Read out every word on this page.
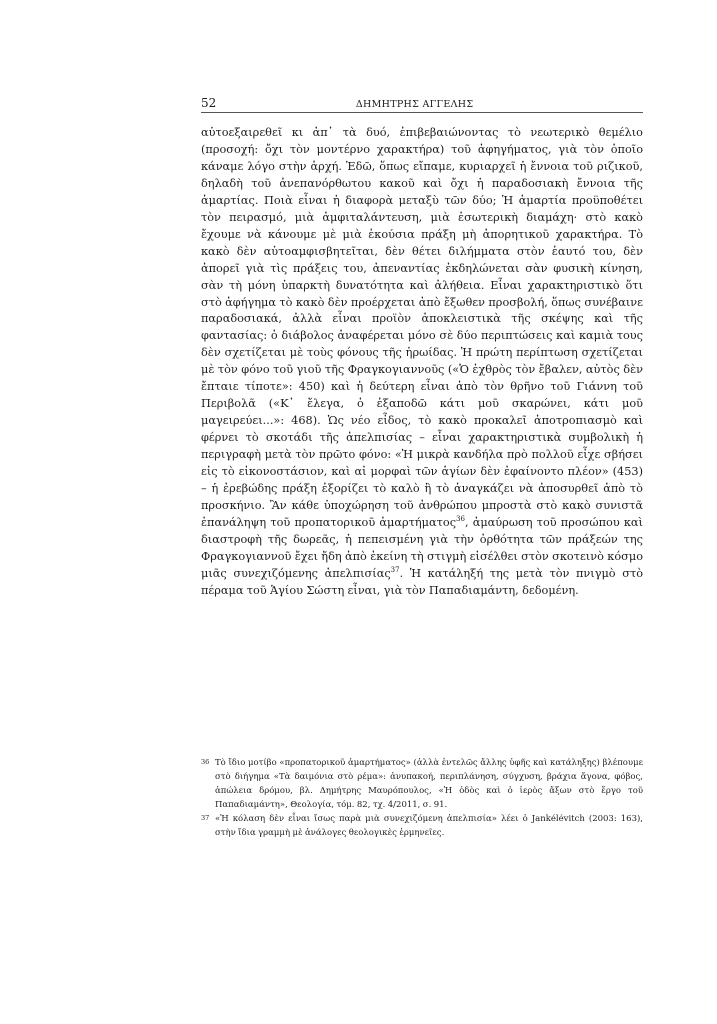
52	ΔΗΜΗΤΡΗΣ ΑΓΓΕΛΗΣ

αὐτοεξαιρεθεῖ κι ἀπ᾽ τὰ δυό, ἐπιβεβαιώνοντας τὸ νεωτερικὸ θεμέλιο (προσοχή: ὄχι τὸν μοντέρνο χαρακτήρα) τοῦ ἀφηγήματος, γιὰ τὸν ὁποῖο κάναμε λόγο στὴν ἀρχή. Ἐδῶ, ὅπως εἴπαμε, κυριαρχεῖ ἡ ἔννοια τοῦ ριζικοῦ, δηλαδὴ τοῦ ἀνεπανόρθωτου κακοῦ καὶ ὄχι ἡ παραδοσιακὴ ἔννοια τῆς ἁμαρτίας. Ποιὰ εἶναι ἡ διαφορὰ μεταξὺ τῶν δύο; Ἡ ἁμαρτία προϋποθέτει τὸν πειρασμό, μιὰ ἀμφιταλάντευση, μιὰ ἐσωτερικὴ διαμάχη· στὸ κακὸ ἔχουμε νὰ κάνουμε μὲ μιὰ ἑκούσια πράξη μὴ ἀπορητικοῦ χαρακτήρα. Τὸ κακὸ δὲν αὐτοαμφισβητεῖται, δὲν θέτει διλήμματα στὸν ἑαυτό του, δὲν ἀπορεῖ γιὰ τὶς πράξεις του, ἀπεναντίας ἐκδηλώνεται σὰν φυσικὴ κίνηση, σὰν τὴ μόνη ὑπαρκτὴ δυνατότητα καὶ ἀλήθεια. Εἶναι χαρακτηριστικὸ ὅτι στὸ ἀφήγημα τὸ κακὸ δὲν προέρχεται ἀπὸ ἔξωθεν προσβολή, ὅπως συνέβαινε παραδοσιακά, ἀλλὰ εἶναι προϊὸν ἀποκλειστικὰ τῆς σκέψης καὶ τῆς φαντασίας: ὁ διάβολος ἀναφέρεται μόνο σὲ δύο περιπτώσεις καὶ καμιὰ τους δὲν σχετίζεται μὲ τοὺς φόνους τῆς ἡρωίδας. Ἡ πρώτη περίπτωση σχετίζεται μὲ τὸν φόνο τοῦ γιοῦ τῆς Φραγκογιαννοῦς («Ὁ ἐχθρὸς τὸν ἔβαλεν, αὐτὸς δὲν ἔπταιε τίποτε»: 450) καὶ ἡ δεύτερη εἶναι ἀπὸ τὸν θρῆνο τοῦ Γιάννη τοῦ Περιβολᾶ («Κ᾽ ἔλεγα, ὁ ἐξαποδῶ κάτι μοῦ σκαρώνει, κάτι μοῦ μαγειρεύει...»: 468). Ὡς νέο εἶδος, τὸ κακὸ προκαλεῖ ἀποτροπιασμὸ καὶ φέρνει τὸ σκοτάδι τῆς ἀπελπισίας – εἶναι χαρακτηριστικὰ συμβολικὴ ἡ περιγραφὴ μετὰ τὸν πρῶτο φόνο: «Ἡ μικρὰ κανδήλα πρὸ πολλοῦ εἶχε σβήσει εἰς τὸ εἰκονοστάσιον, καὶ αἱ μορφαὶ τῶν ἁγίων δὲν ἐφαίνοντο πλέον» (453) – ἡ ἐρεβώδης πράξη ἐξορίζει τὸ καλὸ ἢ τὸ ἀναγκάζει νὰ ἀποσυρθεῖ ἀπὸ τὸ προσκήνιο. Ἂν κάθε ὑποχώρηση τοῦ ἀνθρώπου μπροστὰ στὸ κακὸ συνιστᾶ ἐπανάληψη τοῦ προπατορικοῦ ἁμαρτήματος$^{36}$, ἀμαύρωση τοῦ προσώπου καὶ διαστροφὴ τῆς δωρεᾶς, ἡ πεπεισμένη γιὰ τὴν ὀρθότητα τῶν πράξεών της Φραγκογιαννοῦ ἔχει ἤδη ἀπὸ ἐκείνη τὴ στιγμὴ εἰσέλθει στὸν σκοτεινὸ κόσμο μιᾶς συνεχιζόμενης ἀπελπισίας$^{37}$. Ἡ κατάληξή της μετὰ τὸν πνιγμὸ στὸ πέραμα τοῦ Ἁγίου Σώστη εἶναι, γιὰ τὸν Παπαδιαμάντη, δεδομένη.

36 Τὸ ἴδιο μοτίβο «προπατορικοῦ ἁμαρτήματος» (ἀλλὰ ἐντελῶς ἄλλης ὑφῆς καὶ κατάληξης) βλέπουμε στὸ διήγημα «Τὰ δαιμόνια στὸ ρέμα»: ἀνυπακοή, περιπλάνηση, σύγχυση, βράχια ἄγονα, φόβος, ἀπώλεια δρόμου, βλ. Δημήτρης Μαυρόπουλος, «Ἡ ὁδὸς καὶ ὁ ἱερὸς ἄξων στὸ ἔργο τοῦ Παπαδιαμάντη», Θεολογία, τόμ. 82, τχ. 4/2011, σ. 91.
37 «Ἡ κόλαση δὲν εἶναι ἴσως παρὰ μιὰ συνεχιζόμενη ἀπελπισία» λέει ὁ Jankélévitch (2003: 163), στὴν ἴδια γραμμὴ μὲ ἀνάλογες θεολογικὲς ἑρμηνεῖες.
